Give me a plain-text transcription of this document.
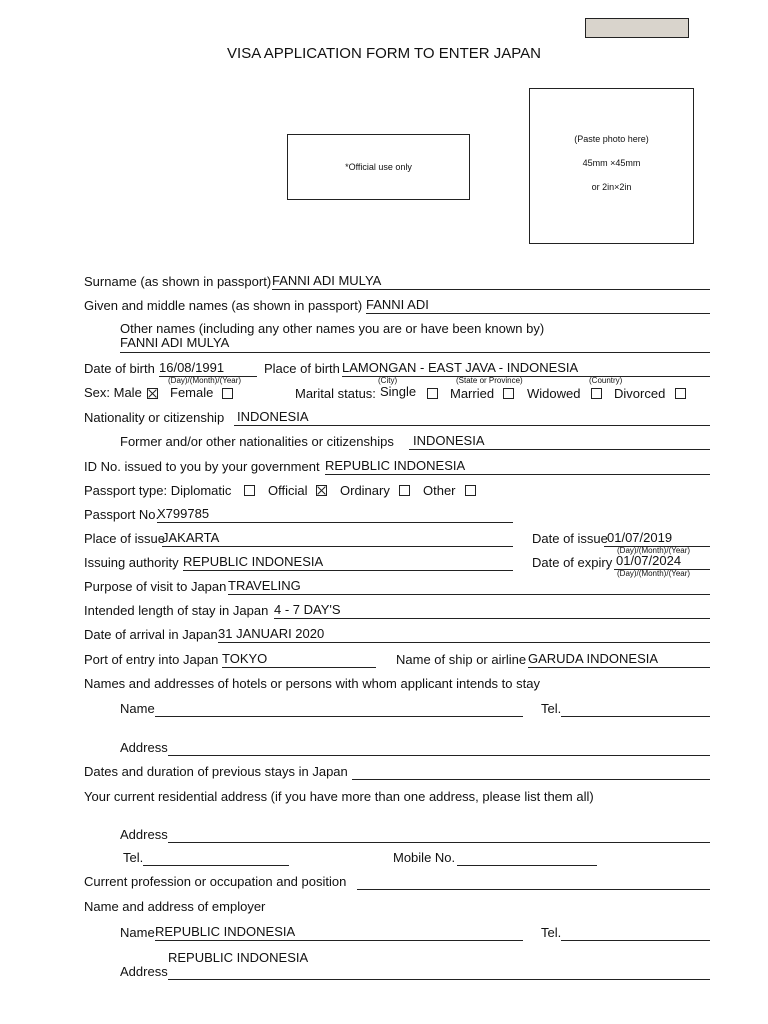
VISA APPLICATION FORM TO ENTER JAPAN
*Official use only
(Paste photo here)
45mm ×45mm
or 2in×2in
Surname (as shown in passport) FANNI ADI MULYA
Given and middle names (as shown in passport) FANNI ADI
Other names (including any other names you are or have been known by)
FANNI ADI MULYA
Date of birth 16/08/1991
(Day)/(Month)/(Year)
Place of birth LAMONGAN - EAST JAVA - INDONESIA
(City)	(State or Province)	(Country)
Sex: Male Female	Marital status: Single	Married	Widowed	Divorced
Nationality or citizenship INDONESIA
Former and/or other nationalities or citizenships INDONESIA
ID No. issued to you by your government REPUBLIC INDONESIA
Passport type: Diplomatic	Official	Ordinary	Other
Passport No.
X799785
Place of issue
JAKARTA	Date of issue 01/07/2019
(Day)/(Month)/(Year)
Issuing authority REPUBLIC INDONESIA	Date of expiry 01/07/2024
(Day)/(Month)/(Year)
Purpose of visit to Japan TRAVELING
Intended length of stay in Japan 4 - 7 DAY'S
Date of arrival in Japan 31 JANUARI 2020
Port of entry into Japan TOKYO	Name of ship or airline GARUDA INDONESIA
Names and addresses of hotels or persons with whom applicant intends to stay
Name	Tel.
Address
Dates and duration of previous stays in Japan
Your current residential address (if you have more than one address, please list them all)
Address
Tel.	Mobile No.
Current profession or occupation and position
Name and address of employer
Name REPUBLIC INDONESIA	Tel.
REPUBLIC INDONESIA
Address
